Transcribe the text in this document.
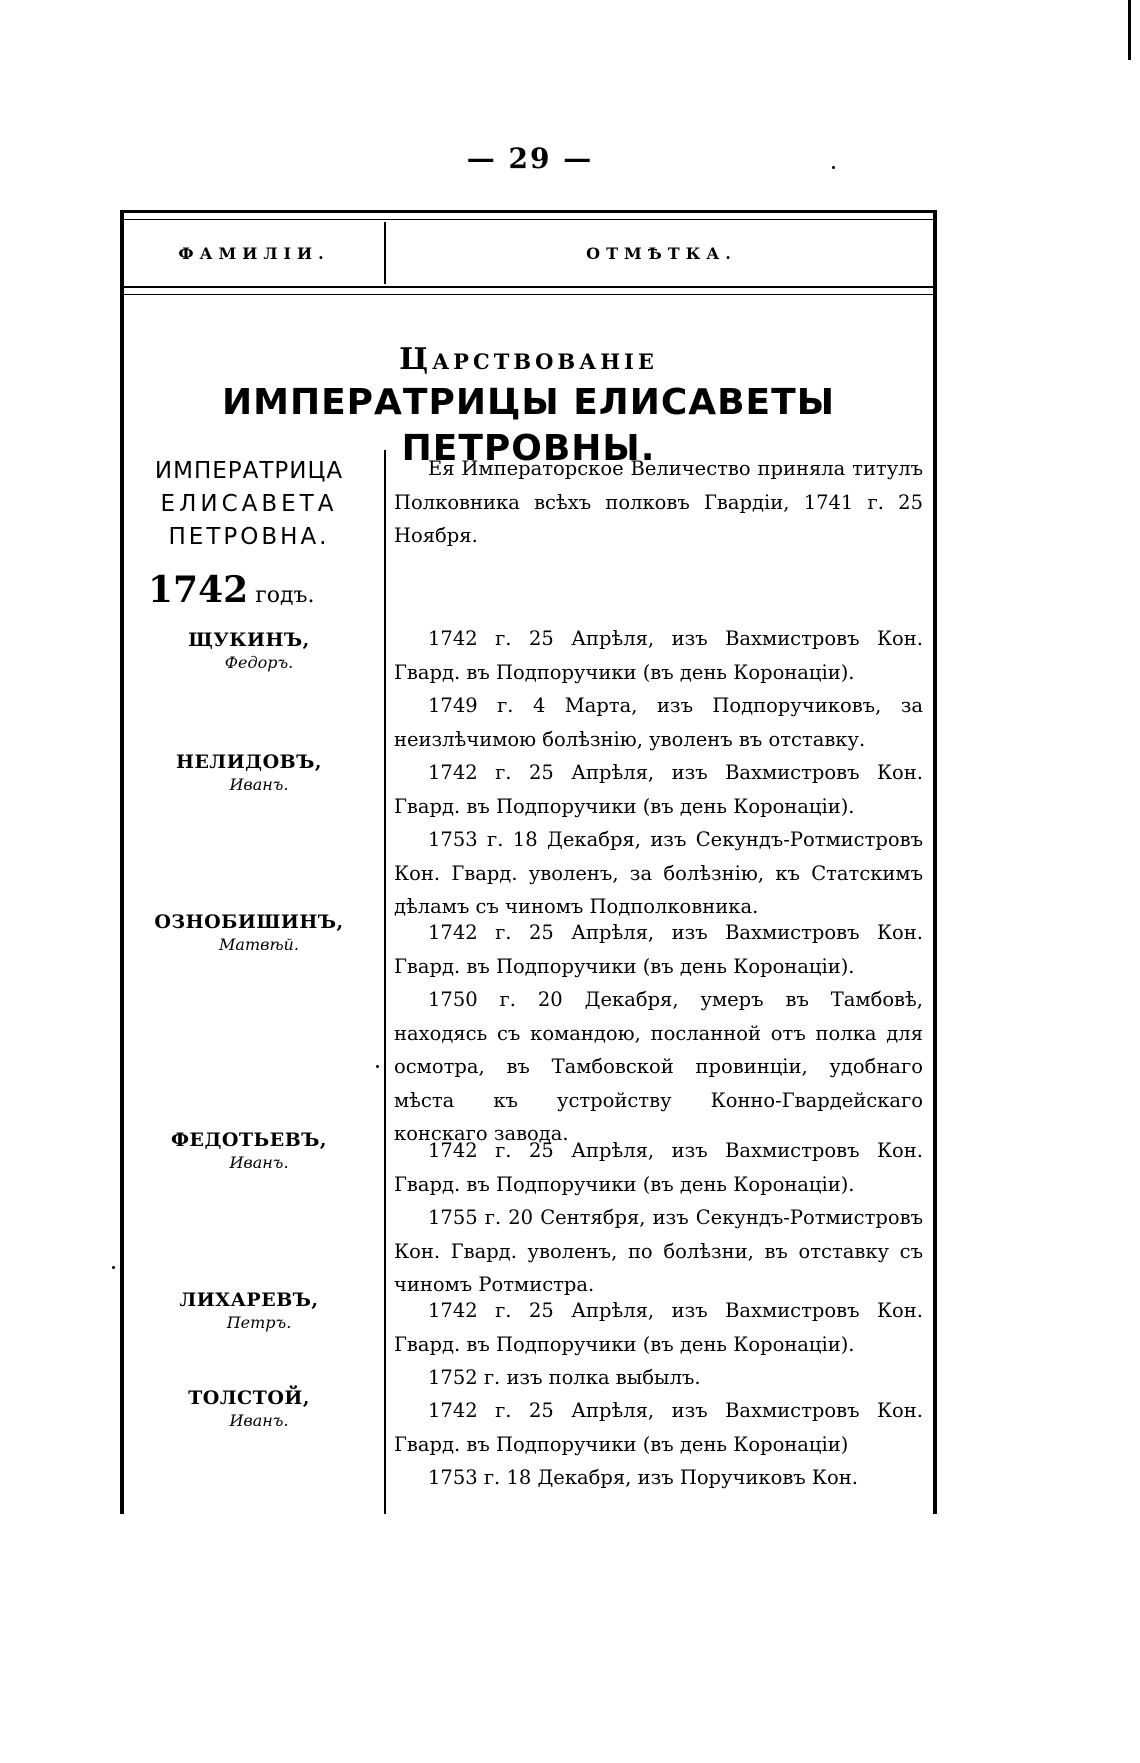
— 29 —
ФАМИЛІИ.	ОТМѢТКА.
Царствованіе
ИМПЕРАТРИЦЫ ЕЛИСАВЕТЫ ПЕТРОВНЫ.
ИМПЕРАТРИЦА
ЕЛИСАВЕТА
ПЕТРОВНА.
1742 годъ.
ЩУКИНЪ,
Федоръ.
НЕЛИДОВЪ,
Иванъ.
ОЗНОБИШИНЪ,
Матвѣй.
ФЕДОТЬЕВЪ,
Иванъ.
ЛИХАРЕВЪ,
Петръ.
ТОЛСТОЙ,
Иванъ.

Ея Императорское Величество приняла титулъ Полковника всѣхъ полковъ Гвардіи, 1741 г. 25 Ноября.

1742 г. 25 Апрѣля, изъ Вахмистровъ Кон. Гвард. въ Подпоручики (въ день Коронаціи).

1749 г. 4 Марта, изъ Подпоручиковъ, за неизлѣчимою болѣзнію, уволенъ въ отставку.

1742 г. 25 Апрѣля, изъ Вахмистровъ Кон. Гвард. въ Подпоручики (въ день Коронаціи).

1753 г. 18 Декабря, изъ Секундъ-Ротмистровъ Кон. Гвард. уволенъ, за болѣзнію, къ Статскимъ дѣламъ съ чиномъ Подполковника.

1742 г. 25 Апрѣля, изъ Вахмистровъ Кон. Гвард. въ Подпоручики (въ день Коронаціи).

1750 г. 20 Декабря, умеръ въ Тамбовѣ, находясь съ командою, посланной отъ полка для осмотра, въ Тамбовской провинціи, удобнаго мѣста къ устройству Конно-Гвардейскаго конскаго завода.

1742 г. 25 Апрѣля, изъ Вахмистровъ Кон. Гвард. въ Подпоручики (въ день Коронаціи).

1755 г. 20 Сентября, изъ Секундъ-Ротмистровъ Кон. Гвард. уволенъ, по болѣзни, въ отставку съ чиномъ Ротмистра.

1742 г. 25 Апрѣля, изъ Вахмистровъ Кон. Гвард. въ Подпоручики (въ день Коронаціи).

1752 г. изъ полка выбылъ.

1742 г. 25 Апрѣля, изъ Вахмистровъ Кон. Гвард. въ Подпоручики (въ день Коронаціи)

1753 г. 18 Декабря, изъ Поручиковъ Кон.
